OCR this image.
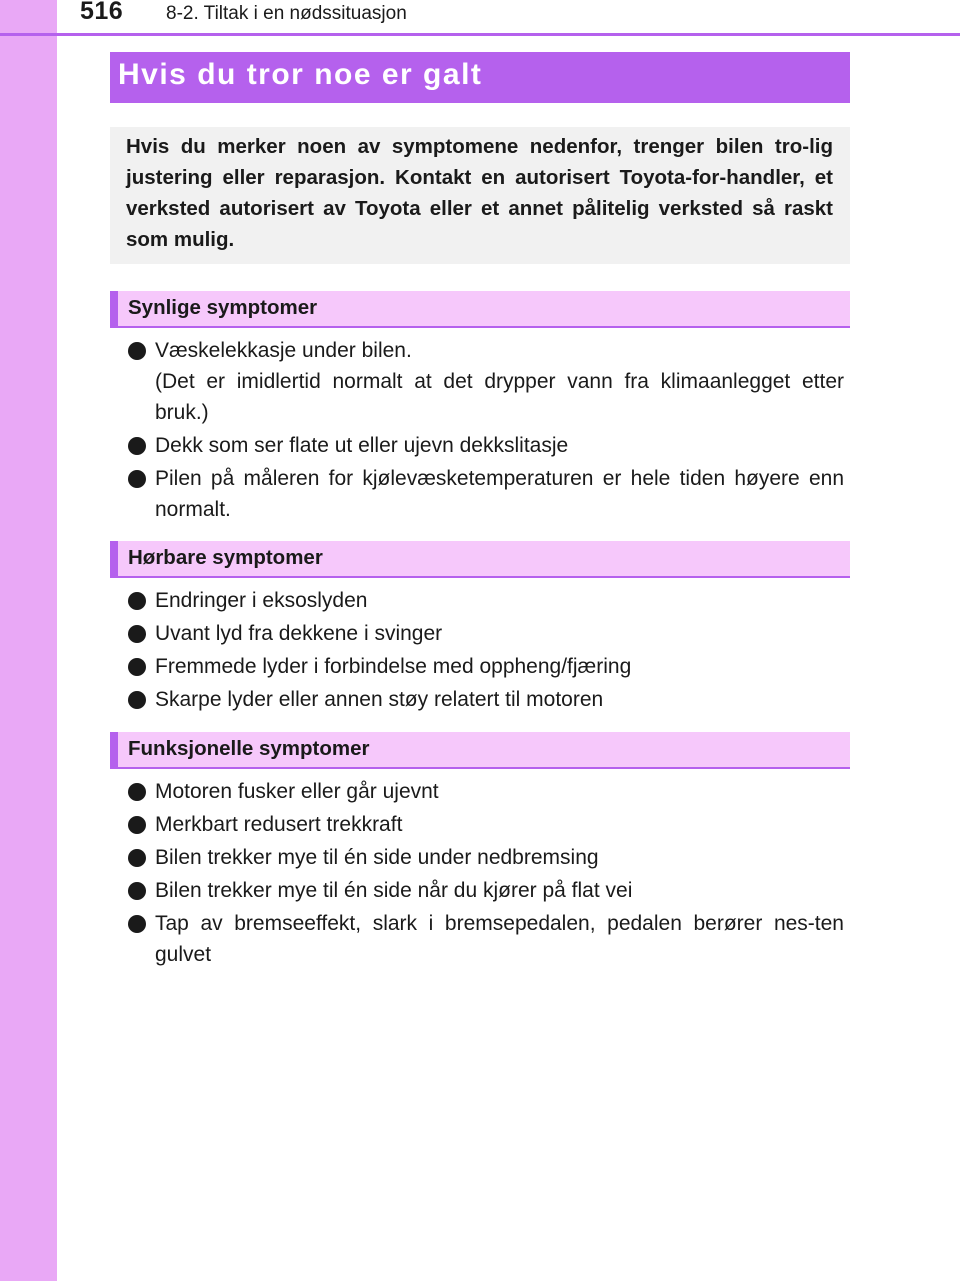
516 8-2. Tiltak i en nødssituasjon
Hvis du tror noe er galt

Hvis du merker noen av symptomene nedenfor, trenger bilen tro-lig justering eller reparasjon. Kontakt en autorisert Toyota-for-handler, et verksted autorisert av Toyota eller et annet pålitelig verksted så raskt som mulig.

Synlige symptomer
Væskelekkasje under bilen.
(Det er imidlertid normalt at det drypper vann fra klimaanlegget etter bruk.)
Dekk som ser flate ut eller ujevn dekkslitasje
Pilen på måleren for kjølevæsketemperaturen er hele tiden høyere enn normalt.
Hørbare symptomer
Endringer i eksoslyden
Uvant lyd fra dekkene i svinger
Fremmede lyder i forbindelse med oppheng/fjæring
Skarpe lyder eller annen støy relatert til motoren
Funksjonelle symptomer
Motoren fusker eller går ujevnt
Merkbart redusert trekkraft
Bilen trekker mye til én side under nedbremsing
Bilen trekker mye til én side når du kjører på flat vei
Tap av bremseeffekt, slark i bremsepedalen, pedalen berører nes-ten gulvet
